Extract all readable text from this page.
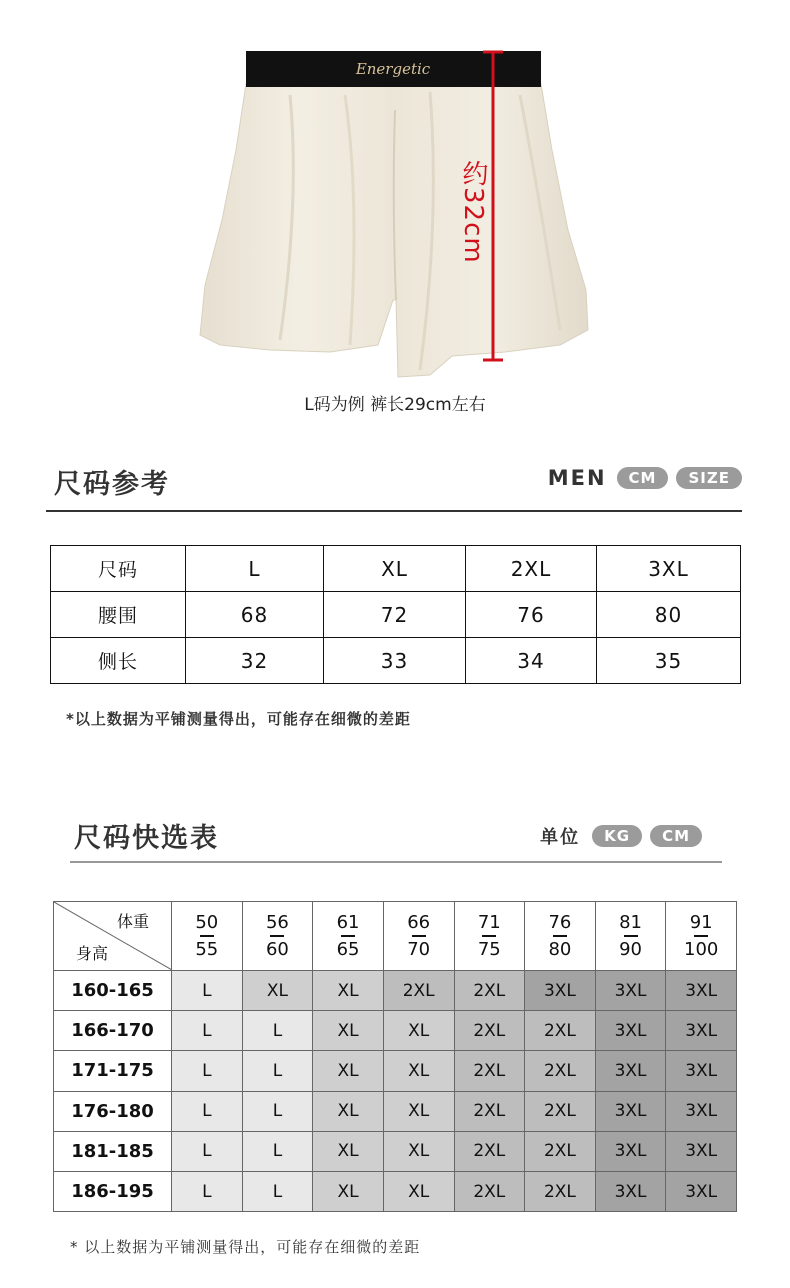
Energetic
约32cm
L码为例 裤长29cm左右
尺码参考	MEN	CM	SIZE
尺码	L	XL	2XL	3XL
腰围	68	72	76	80
侧长	32	33	34	35
*以上数据为平铺测量得出，可能存在细微的差距
尺码快选表	单位	KG	CM
体重
身高	$\frac{50}{55}$	$\frac{56}{60}$	$\frac{61}{65}$	$\frac{66}{70}$	$\frac{71}{75}$	$\frac{76}{80}$	$\frac{81}{90}$	$\frac{91}{100}$

160-165	L	XL	XL	2XL	2XL	3XL	3XL	3XL
166-170	L	L	XL	XL	2XL	2XL	3XL	3XL
171-175	L	L	XL	XL	2XL	2XL	3XL	3XL
176-180	L	L	XL	XL	2XL	2XL	3XL	3XL
181-185	L	L	XL	XL	2XL	2XL	3XL	3XL
186-195	L	L	XL	XL	2XL	2XL	3XL	3XL
* 以上数据为平铺测量得出，可能存在细微的差距
